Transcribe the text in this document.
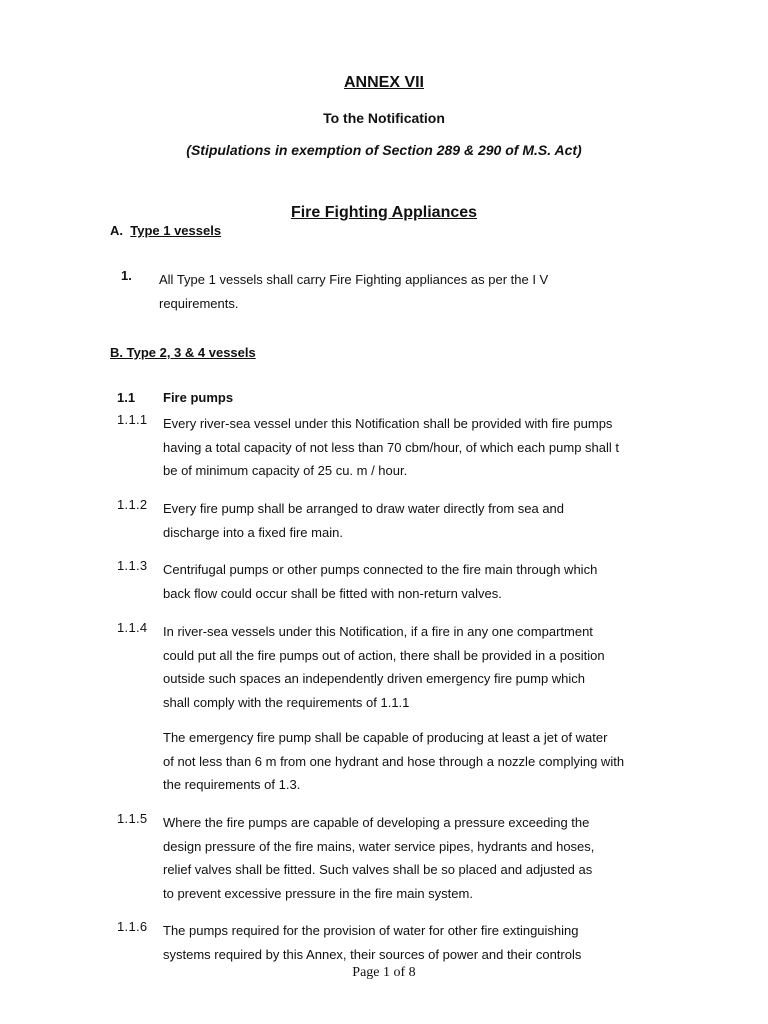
ANNEX VII
To the Notification
(Stipulations in exemption of Section 289 & 290 of M.S. Act)
Fire Fighting Appliances
A. Type 1 vessels
1. All Type 1 vessels shall carry Fire Fighting appliances as per the I V
requirements.
B. Type 2, 3 & 4 vessels
1.1 Fire pumps
1.1.1 Every river-sea vessel under this Notification shall be provided with fire pumps
having a total capacity of not less than 70 cbm/hour, of which each pump shall t
be of minimum capacity of 25 cu. m / hour.
1.1.2 Every fire pump shall be arranged to draw water directly from sea and
discharge into a fixed fire main.
1.1.3 Centrifugal pumps or other pumps connected to the fire main through which
back flow could occur shall be fitted with non-return valves.
1.1.4 In river-sea vessels under this Notification, if a fire in any one compartment
could put all the fire pumps out of action, there shall be provided in a position
outside such spaces an independently driven emergency fire pump which
shall comply with the requirements of 1.1.1
The emergency fire pump shall be capable of producing at least a jet of water
of not less than 6 m from one hydrant and hose through a nozzle complying with
the requirements of 1.3.
1.1.5 Where the fire pumps are capable of developing a pressure exceeding the
design pressure of the fire mains, water service pipes, hydrants and hoses,
relief valves shall be fitted. Such valves shall be so placed and adjusted as
to prevent excessive pressure in the fire main system.
1.1.6 The pumps required for the provision of water for other fire extinguishing
systems required by this Annex, their sources of power and their controls
Page 1 of 8
